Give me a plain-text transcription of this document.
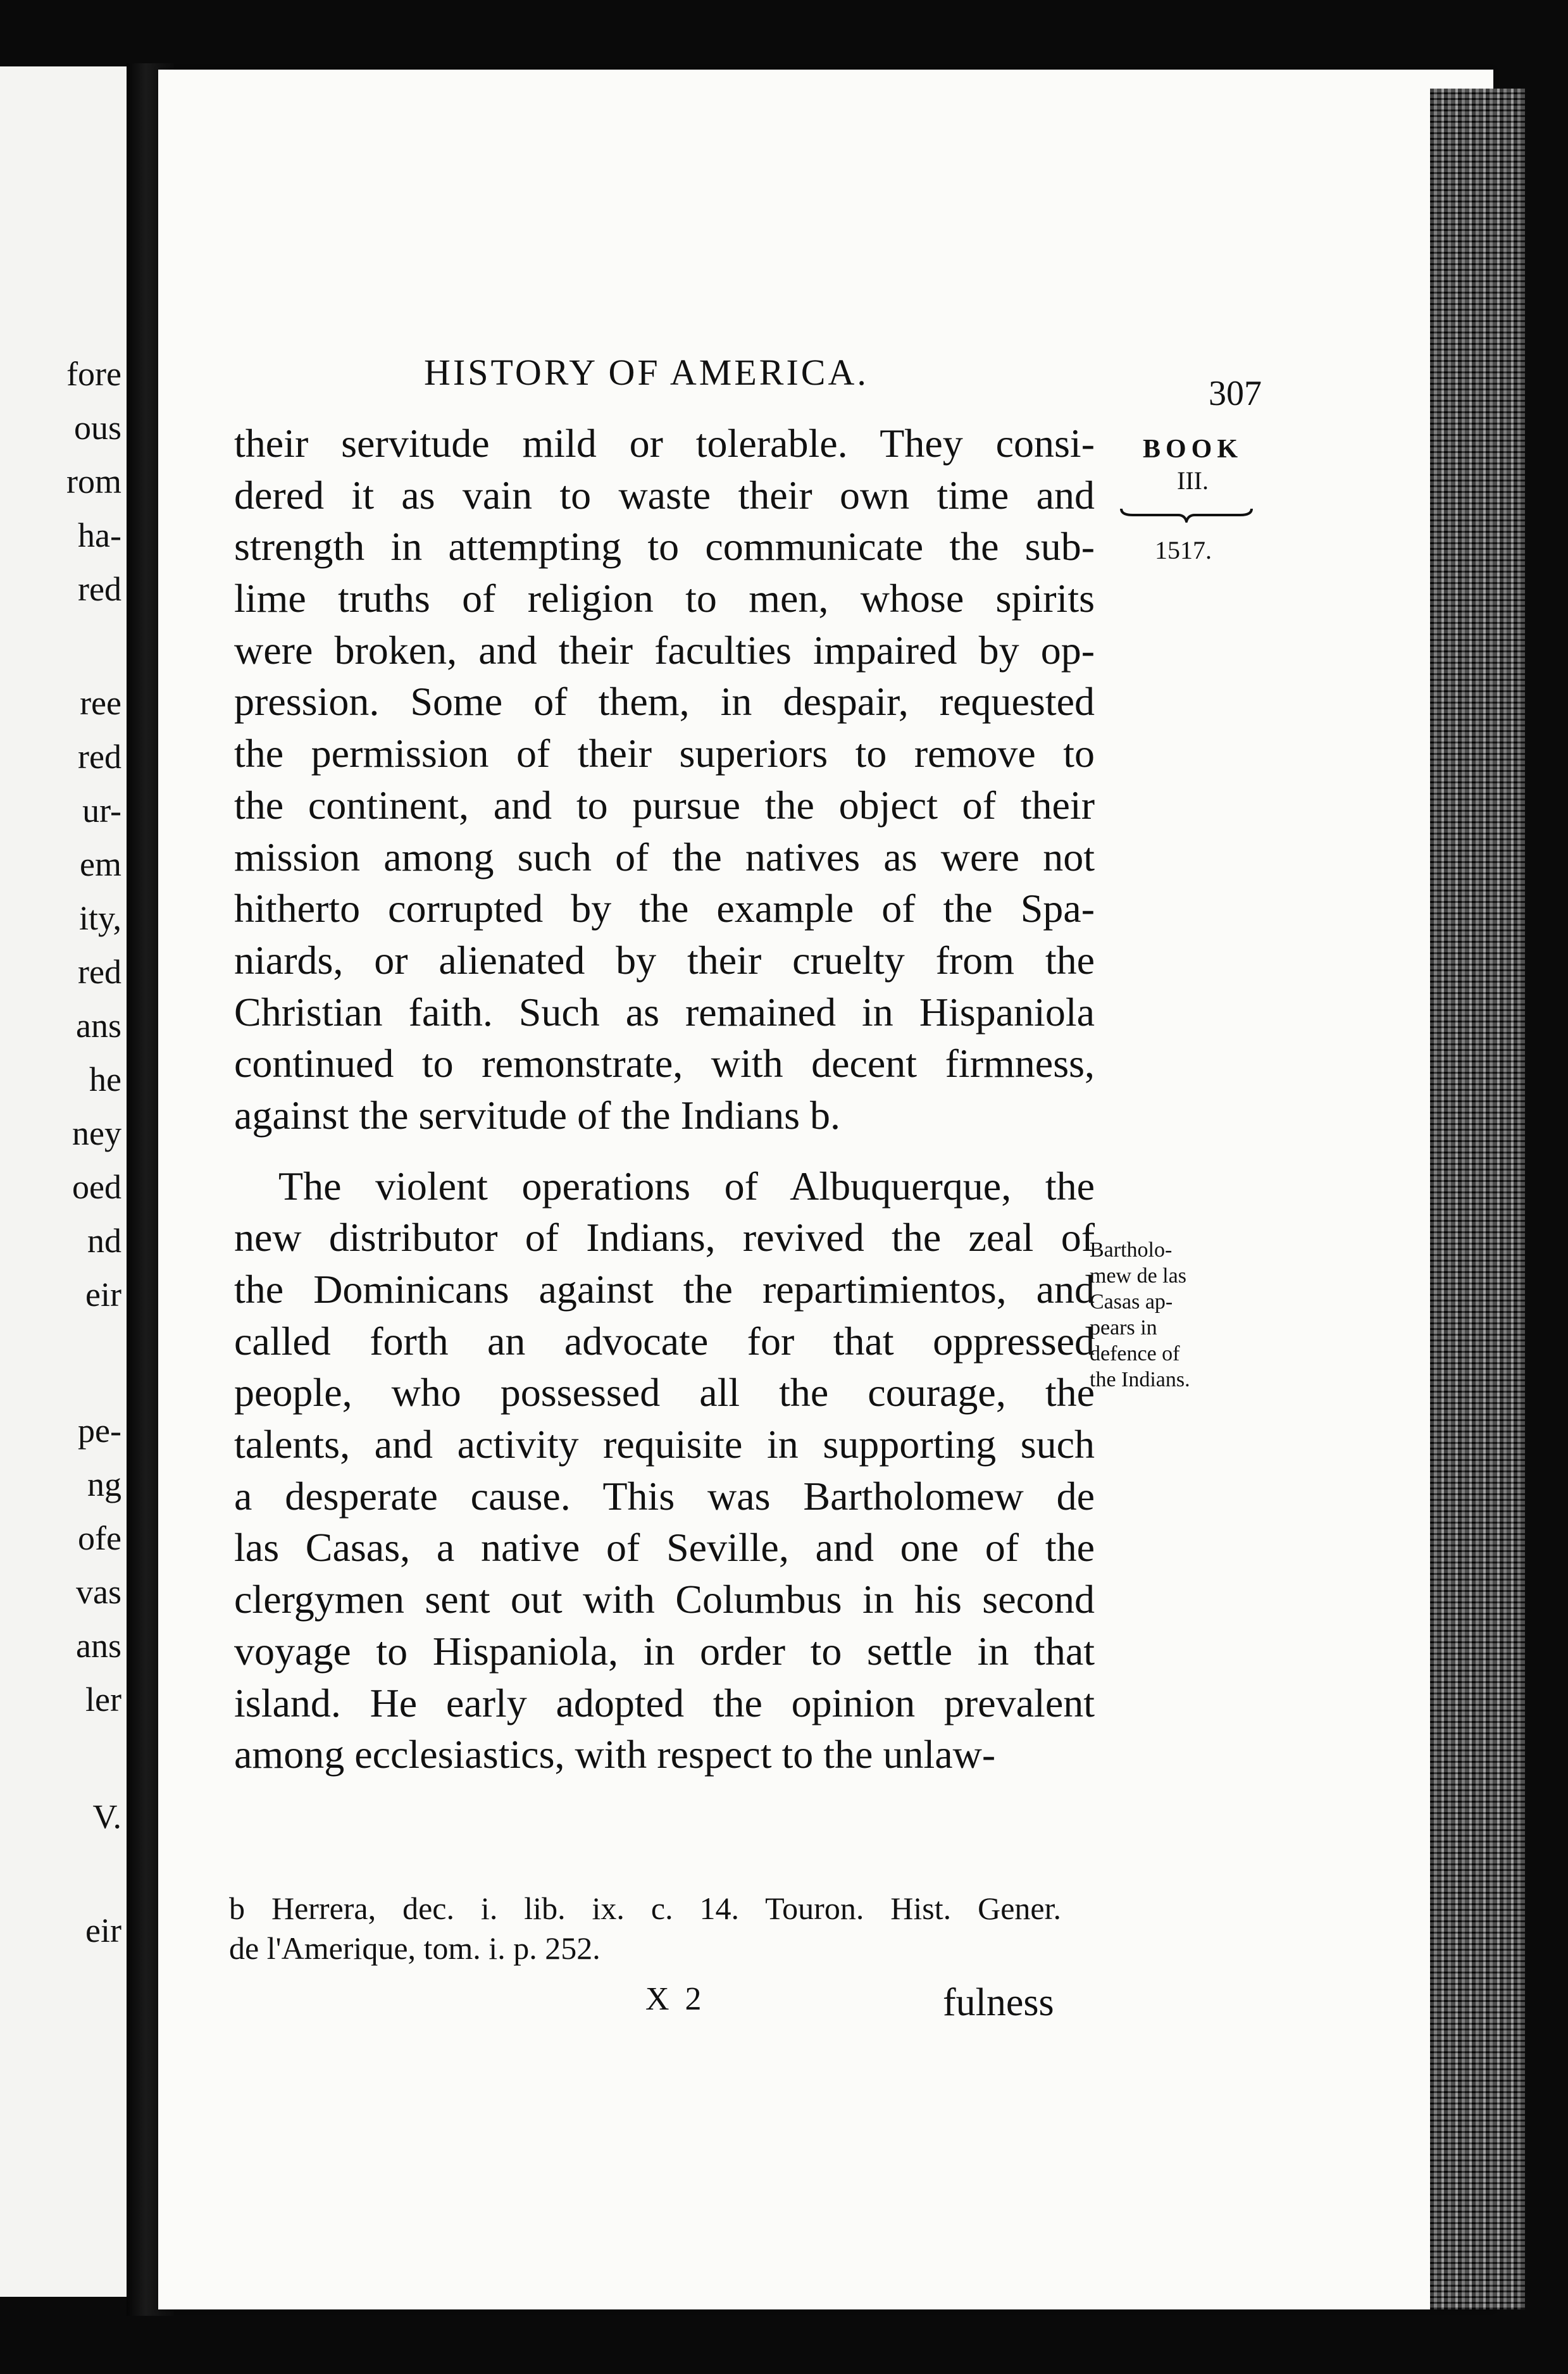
fore
ous
rom
ha-
red
ree
red
ur-
em
ity,
red
ans
he
ney
oed
nd
eir
pe-
ng
ofe
vas
ans
ler
V.
eir
HISTORY OF AMERICA.
307
BOOK
III.
1517.
Bartholo-
mew de las
Casas ap-
pears in
defence of
the Indians.
their servitude mild or tolerable. They consi-
dered it as vain to waste their own time and
strength in attempting to communicate the sub-
lime truths of religion to men, whose spirits
were broken, and their faculties impaired by op-
pression. Some of them, in despair, requested
the permission of their superiors to remove to
the continent, and to pursue the object of their
mission among such of the natives as were not
hitherto corrupted by the example of the Spa-
niards, or alienated by their cruelty from the
Christian faith. Such as remained in Hispaniola
continued to remonstrate, with decent firmness,
against the servitude of the Indians b.
The violent operations of Albuquerque, the
new distributor of Indians, revived the zeal of
the Dominicans against the repartimientos, and
called forth an advocate for that oppressed
people, who possessed all the courage, the
talents, and activity requisite in supporting such
a desperate cause. This was Bartholomew de
las Casas, a native of Seville, and one of the
clergymen sent out with Columbus in his second
voyage to Hispaniola, in order to settle in that
island. He early adopted the opinion prevalent
among ecclesiastics, with respect to the unlaw-
b Herrera, dec. i. lib. ix. c. 14. Touron. Hist. Gener.
de l'Amerique, tom. i. p. 252.
X 2	fulness
